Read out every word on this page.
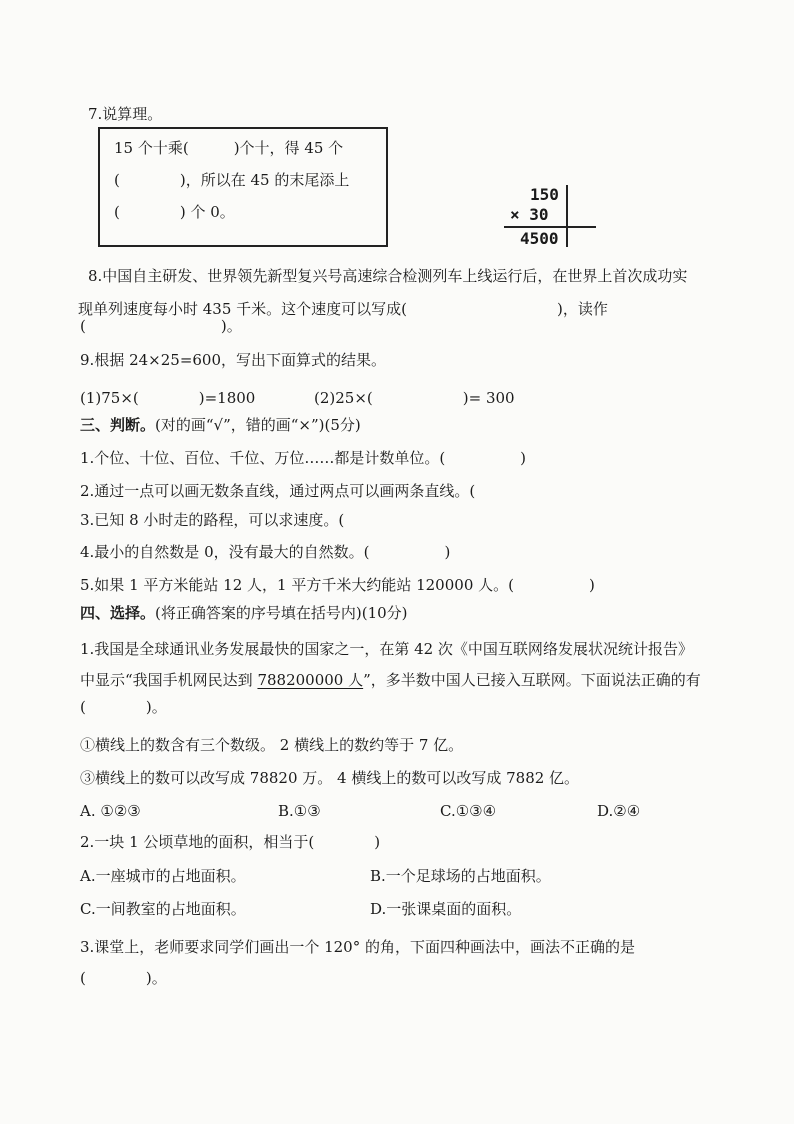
7.说算理。
15 个十乘(　　　)个十，得 45 个
(　　　　)，所以在 45 的末尾添上
(　　　　) 个 0。
150
× 30
4500
8.中国自主研发、世界领先新型复兴号高速综合检测列车上线运行后，在世界上首次成功实
现单列速度每小时 435 千米。这个速度可以写成(　　　　　　　　　　)，读作
(　　　　　　　　　)。
9.根据 24×25=600，写出下面算式的结果。
(1)75×(　　　　)=1800	(2)25×(　　　　　　)= 300
三、判断。(对的画“√”，错的画“×”)(5分)
1.个位、十位、百位、千位、万位……都是计数单位。(　　　　　)
2.通过一点可以画无数条直线，通过两点可以画两条直线。(
3.已知 8 小时走的路程，可以求速度。(
4.最小的自然数是 0，没有最大的自然数。(　　　　　)
5.如果 1 平方米能站 12 人，1 平方千米大约能站 120000 人。(　　　　　)
四、选择。(将正确答案的序号填在括号内)(10分)
1.我国是全球通讯业务发展最快的国家之一，在第 42 次《中国互联网络发展状况统计报告》
中显示“我国手机网民达到 788200000 人”，多半数中国人已接入互联网。下面说法正确的有
(　　　　)。
①横线上的数含有三个数级。 2 横线上的数约等于 7 亿。
③横线上的数可以改写成 78820 万。 4 横线上的数可以改写成 7882 亿。
A. ①②③	B.①③	C.①③④	D.②④
2.一块 1 公顷草地的面积，相当于(　　　　)
A.一座城市的占地面积。	B.一个足球场的占地面积。
C.一间教室的占地面积。	D.一张课桌面的面积。
3.课堂上，老师要求同学们画出一个 120° 的角，下面四种画法中，画法不正确的是
(　　　　)。
